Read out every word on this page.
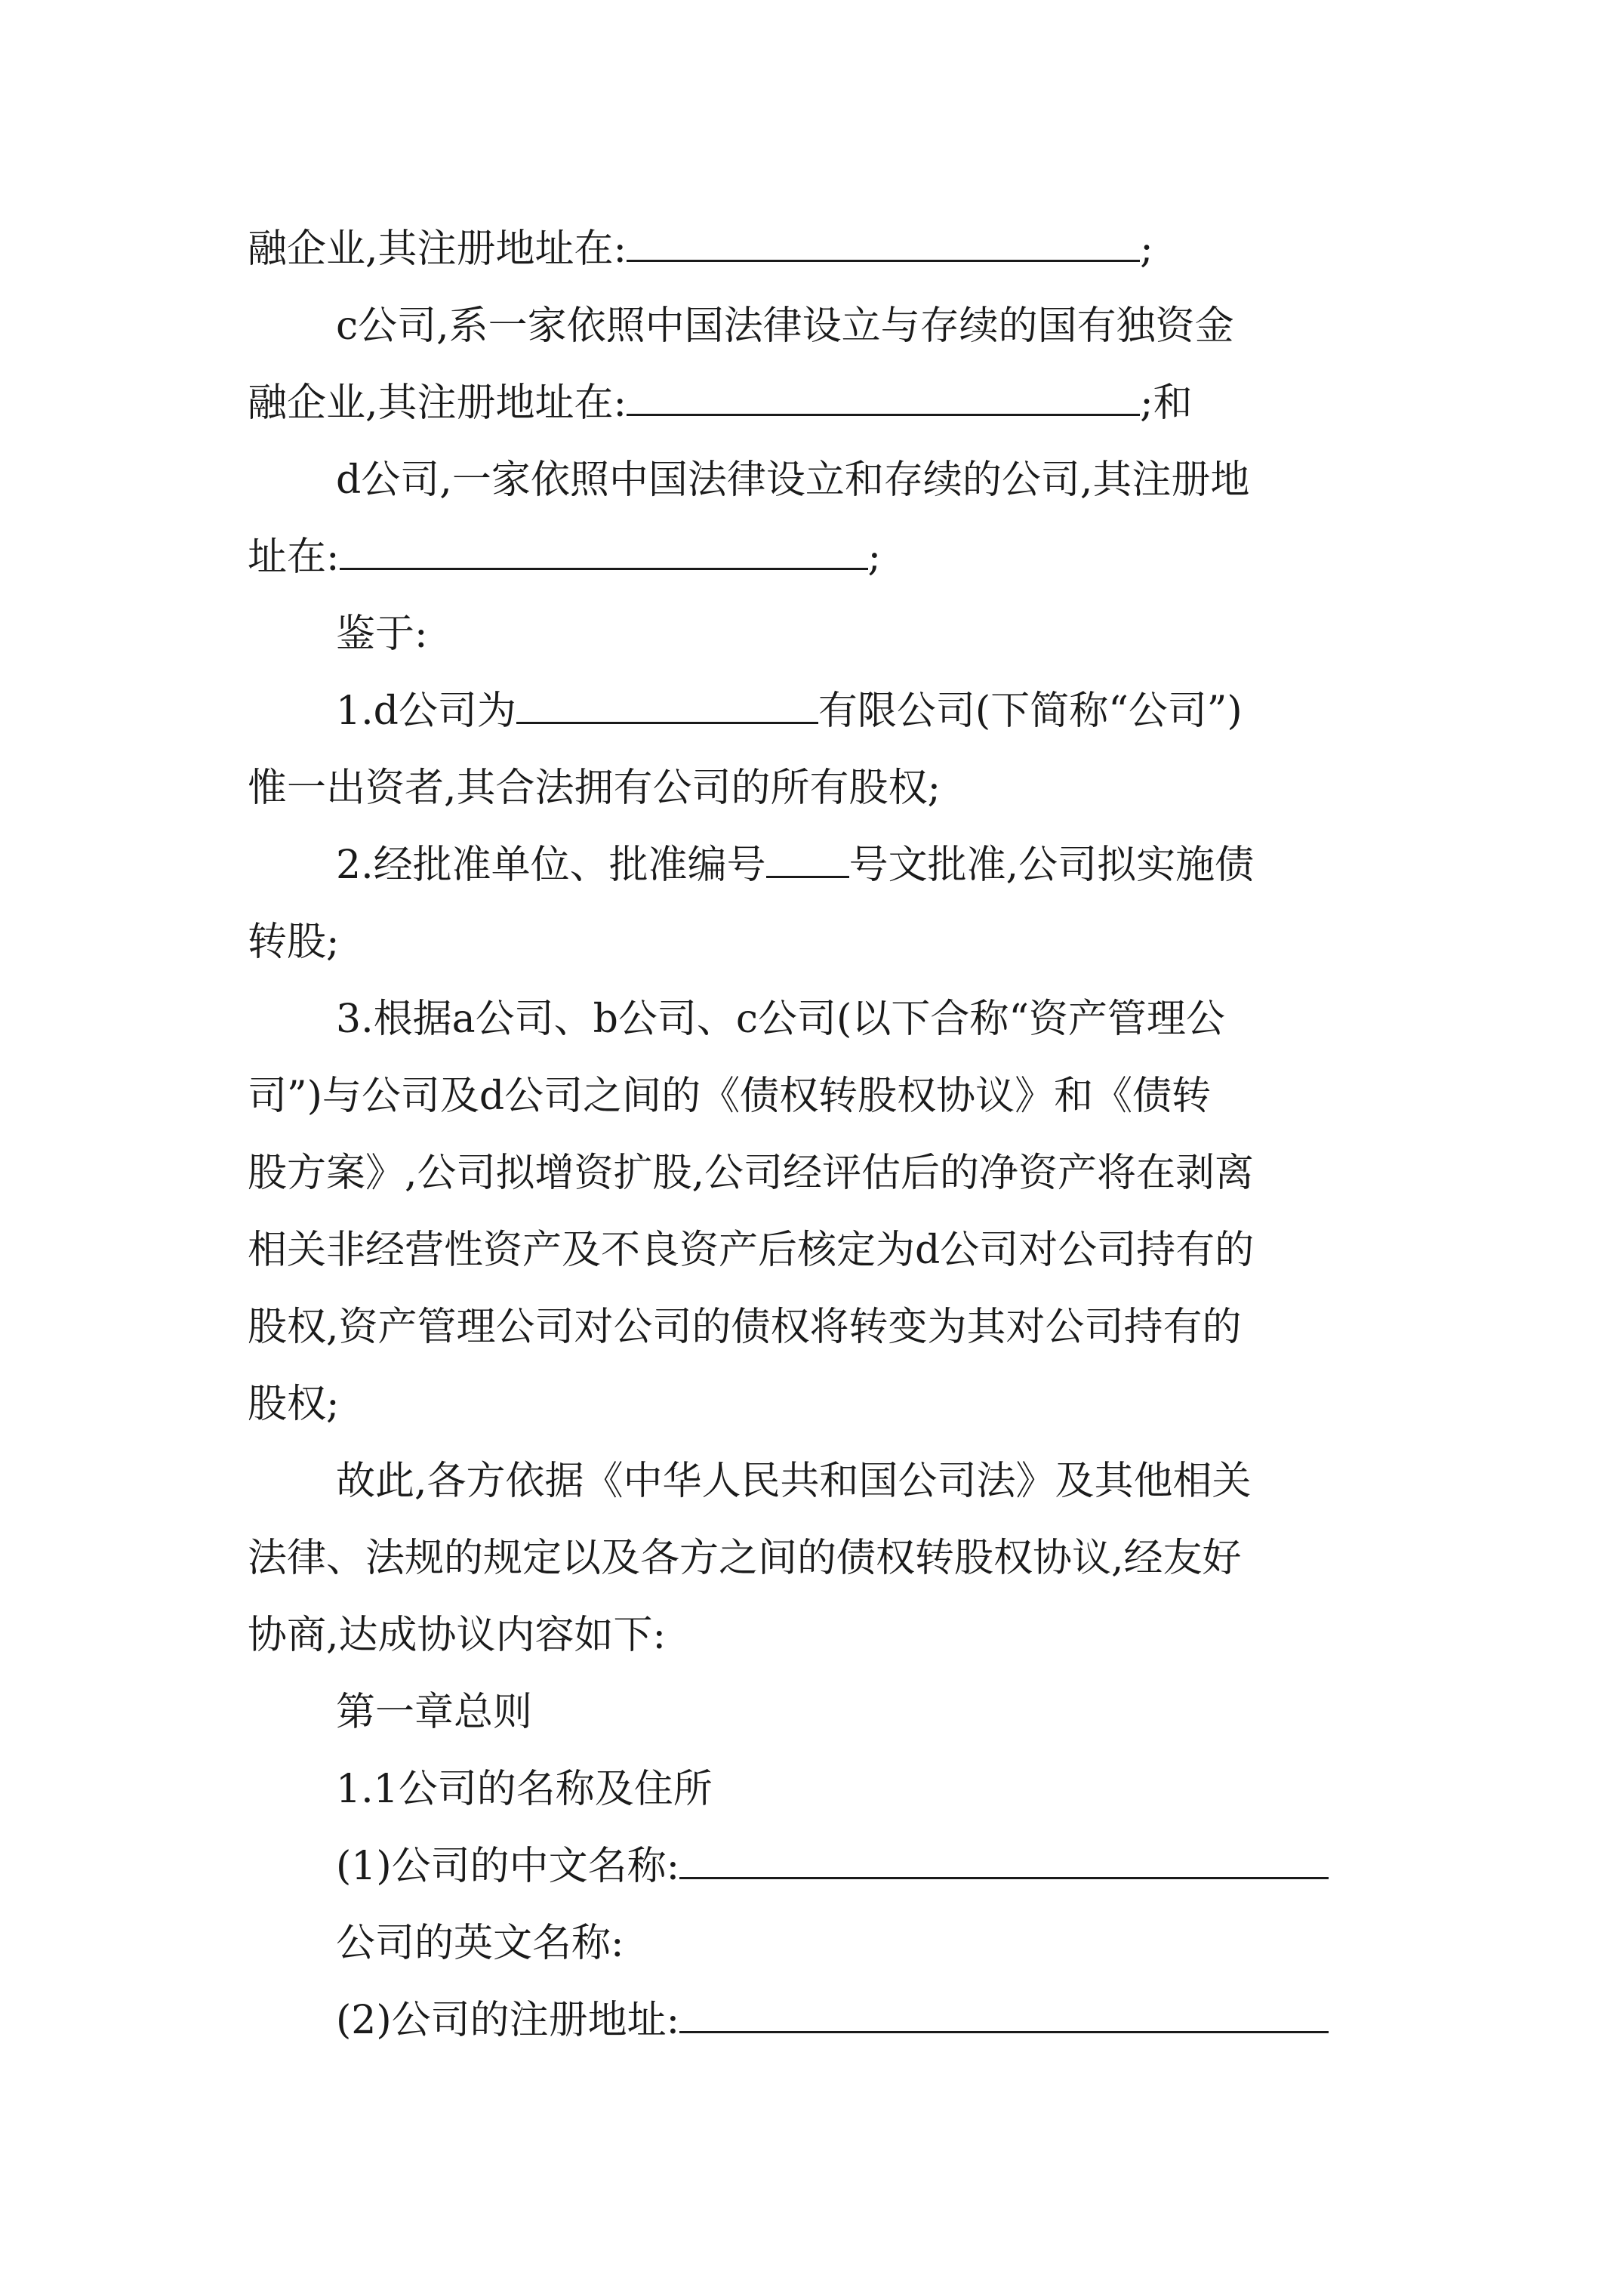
融企业,其注册地址在:	;
c公司,系一家依照中国法律设立与存续的国有独资金
融企业,其注册地址在:	;和
d公司,一家依照中国法律设立和存续的公司,其注册地
址在:	;
鉴于:
1.d公司为	有限公司(下简称“公司”)
惟一出资者,其合法拥有公司的所有股权;
2.经批准单位、批准编号 号文批准,公司拟实施债
转股;
3.根据a公司、b公司、c公司(以下合称“资产管理公
司”)与公司及d公司之间的《债权转股权协议》和《债转
股方案》,公司拟增资扩股,公司经评估后的净资产将在剥离
相关非经营性资产及不良资产后核定为d公司对公司持有的
股权,资产管理公司对公司的债权将转变为其对公司持有的
股权;
故此,各方依据《中华人民共和国公司法》及其他相关
法律、法规的规定以及各方之间的债权转股权协议,经友好
协商,达成协议内容如下:
第一章总则
1.1公司的名称及住所
(1)公司的中文名称:
公司的英文名称:
(2)公司的注册地址:
